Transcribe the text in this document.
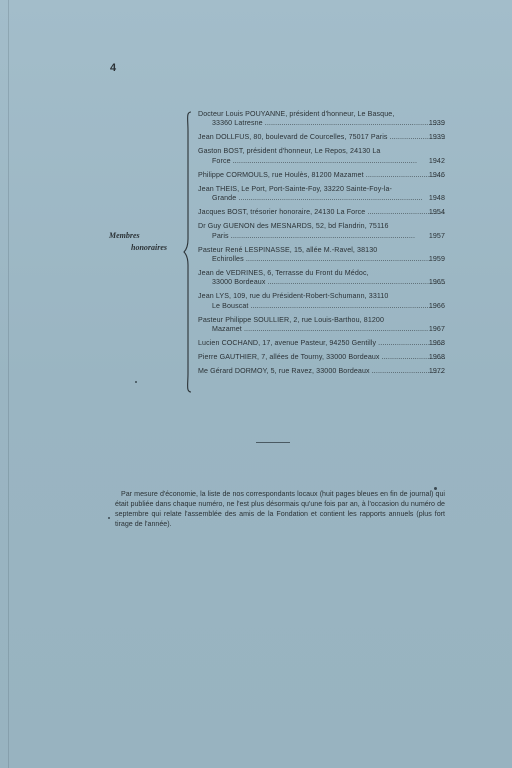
4
Membres
honoraires
Docteur Louis POUYANNE, président d'honneur, Le Basque,
33360 Latresne .....	1939
Jean DOLLFUS, 80, boulevard de Courcelles, 75017 Paris .....	1939
Gaston BOST, président d'honneur, Le Repos, 24130 La
Force .....	1942
Philippe CORMOULS, rue Houlès, 81200 Mazamet .....	1946
Jean THEIS, Le Port, Port-Sainte-Foy, 33220 Sainte-Foy-la-
Grande .....	1948
Jacques BOST, trésorier honoraire, 24130 La Force .....	1954
Dr Guy GUENON des MESNARDS, 52, bd Flandrin, 75116
Paris .....	1957
Pasteur René LESPINASSE, 15, allée M.-Ravel, 38130
Echirolles .....	1959
Jean de VEDRINES, 6, Terrasse du Front du Médoc,
33000 Bordeaux .....	1965
Jean LYS, 109, rue du Président-Robert-Schumann, 33110
Le Bouscat .....	1966
Pasteur Philippe SOULLIER, 2, rue Louis-Barthou, 81200
Mazamet .....	1967
Lucien COCHAND, 17, avenue Pasteur, 94250 Gentilly .....	1968
Pierre GAUTHIER, 7, allées de Tourny, 33000 Bordeaux .....	1968
Me Gérard DORMOY, 5, rue Ravez, 33000 Bordeaux .....	1972
Par mesure d'économie, la liste de nos correspondants locaux (huit pages bleues en fin de journal) qui était publiée dans chaque numéro, ne l'est plus désormais qu'une fois par an, à l'occasion du numéro de septembre qui relate l'assemblée des amis de la Fondation et contient les rapports annuels (plus fort tirage de l'année).
